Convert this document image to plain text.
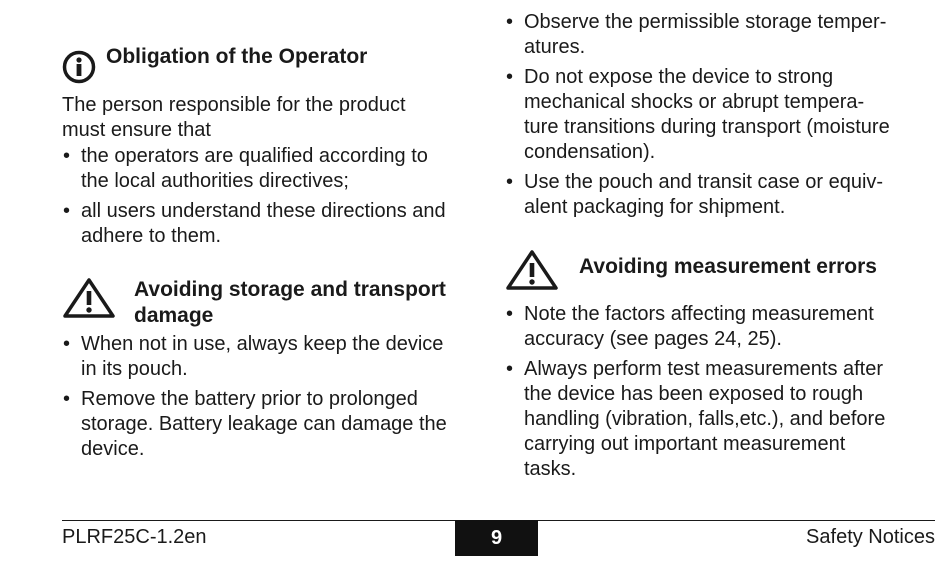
Obligation of the Operator
The person responsible for the product
must ensure that
• the operators are qualified according to
the local authorities directives;
• all users understand these directions and
adhere to them.
Avoiding storage and transport
damage
• When not in use, always keep the device
in its pouch.
• Remove the battery prior to prolonged
storage. Battery leakage can damage the
device.
• Observe the permissible storage temper-
atures.
• Do not expose the device to strong
mechanical shocks or abrupt tempera-
ture transitions during transport (moisture
condensation).
• Use the pouch and transit case or equiv-
alent packaging for shipment.
Avoiding measurement errors
• Note the factors affecting measurement
accuracy (see pages 24, 25).
• Always perform test measurements after
the device has been exposed to rough
handling (vibration, falls,etc.), and before
carrying out important measurement
tasks.
PLRF25C-1.2en	9	Safety Notices
